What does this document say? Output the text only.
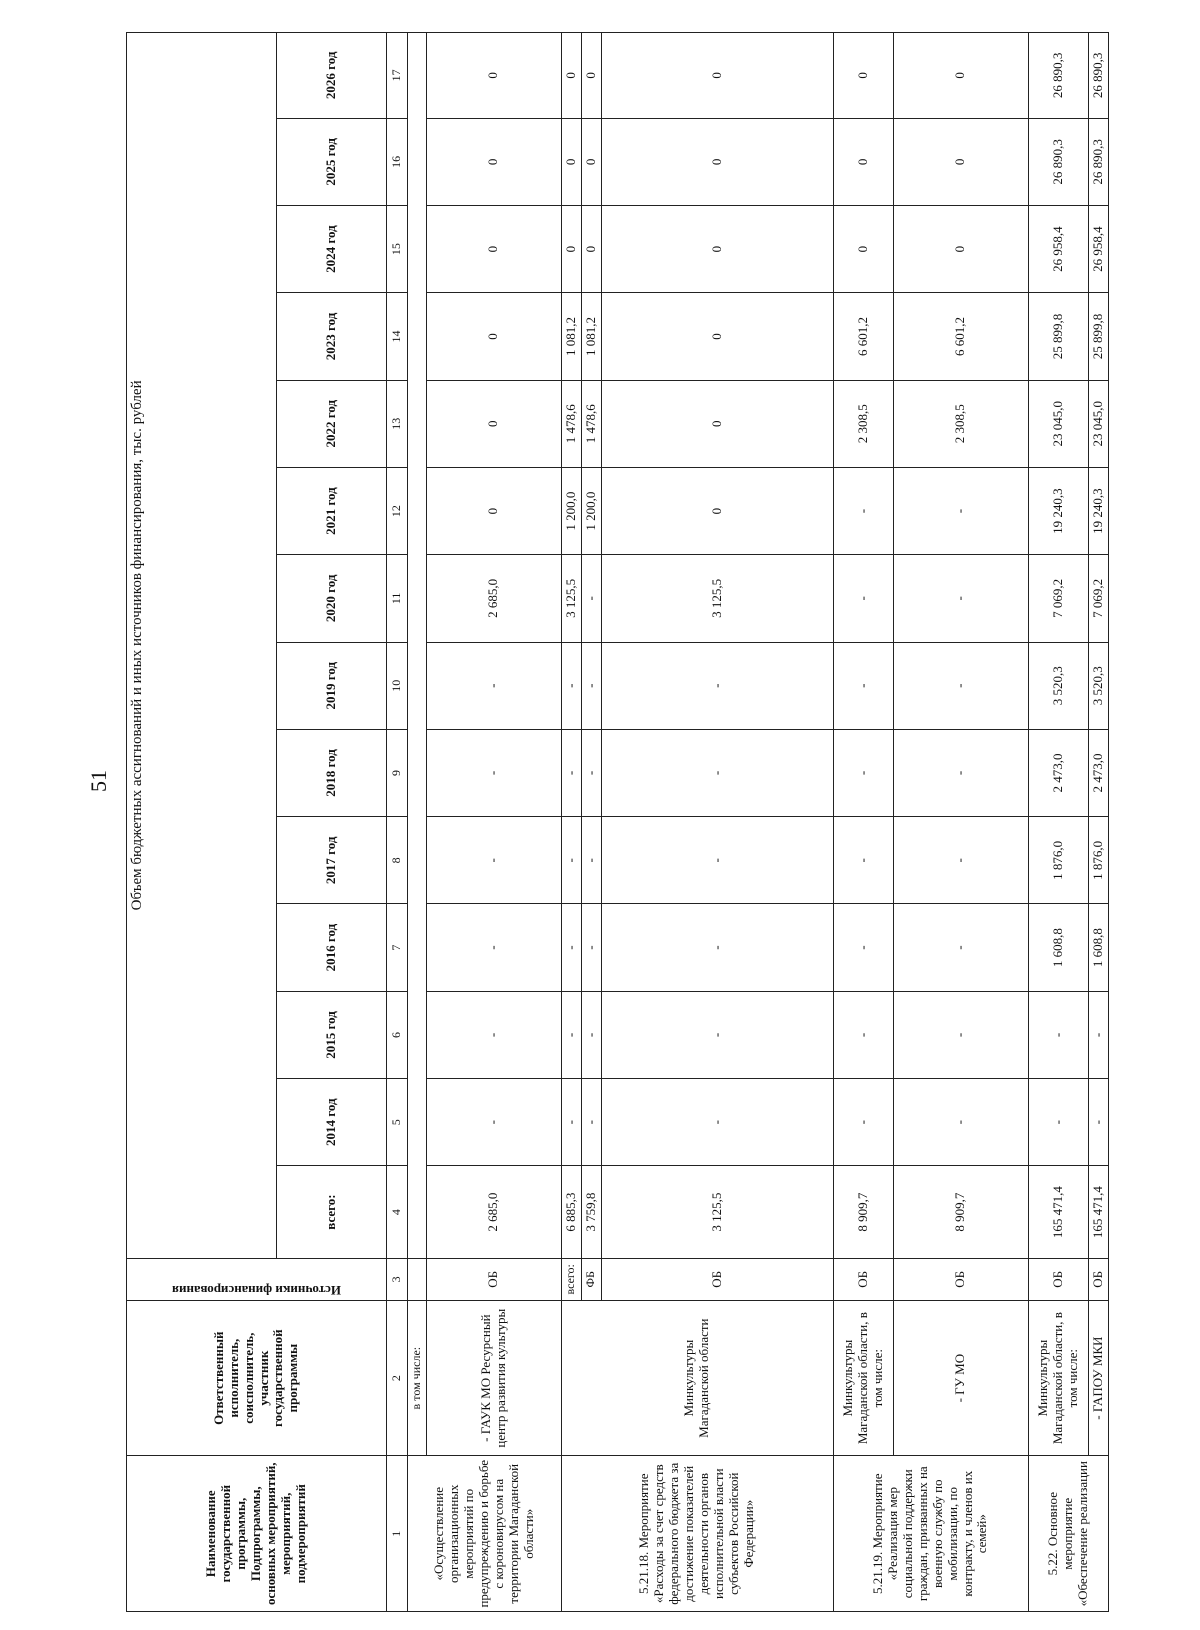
51
Наименование государственной программы, Подпрограммы, основных мероприятий, мероприятий, подмероприятий	Ответственный исполнитель, соисполнитель, участник государственной программы	Источники финансирования	Объем бюджетных ассигнований и иных источников финансирования, тыс. рублей													
			всего:	2014 год	2015 год	2016 год	2017 год	2018 год	2019 год	2020 год	2021 год	2022 год	2023 год	2024 год	2025 год	2026 год
1	2	3	4	5	6	7	8	9	10	11	12	13	14	15	16	17
«Осуществление организационных мероприятий по предупреждению и борьбе с короновирусом на территории Магаданской области»	в том числе:															
	- ГАУК МО Ресурсный центр развития культуры	ОБ	2 685,0	-	-	-	-	-	-	2 685,0	0	0	0	0	0	0
5.21.18. Мероприятие «Расходы за счет средств федерального бюджета за достижение показателей деятельности органов исполнительной власти субъектов Российской Федерации»	Минкультуры Магаданской области	всего:	6 885,3	-	-	-	-	-	-	3 125,5	1 200,0	1 478,6	1 081,2	0	0	0
		ФБ	3 759,8	-	-	-	-	-	-	-	1 200,0	1 478,6	1 081,2	0	0	0
		ОБ	3 125,5	-	-	-	-	-	-	3 125,5	0	0	0	0	0	0
5.21.19. Мероприятие «Реализация мер социальной поддержки граждан, призванных на военную службу по мобилизации, по контракту, и членов их семей»	Минкультуры Магаданской области, в том числе:	ОБ	8 909,7	-	-	-	-	-	-	-	-	2 308,5	6 601,2	0	0	0
	- ГУ МО	ОБ	8 909,7	-	-	-	-	-	-	-	-	2 308,5	6 601,2	0	0	0
5.22. Основное мероприятие «Обеспечение реализации	Минкультуры Магаданской области, в том числе:	ОБ	165 471,4	-	-	1 608,8	1 876,0	2 473,0	3 520,3	7 069,2	19 240,3	23 045,0	25 899,8	26 958,4	26 890,3	26 890,3
	- ГАПОУ МКИ	ОБ	165 471,4	-	-	1 608,8	1 876,0	2 473,0	3 520,3	7 069,2	19 240,3	23 045,0	25 899,8	26 958,4	26 890,3	26 890,3
